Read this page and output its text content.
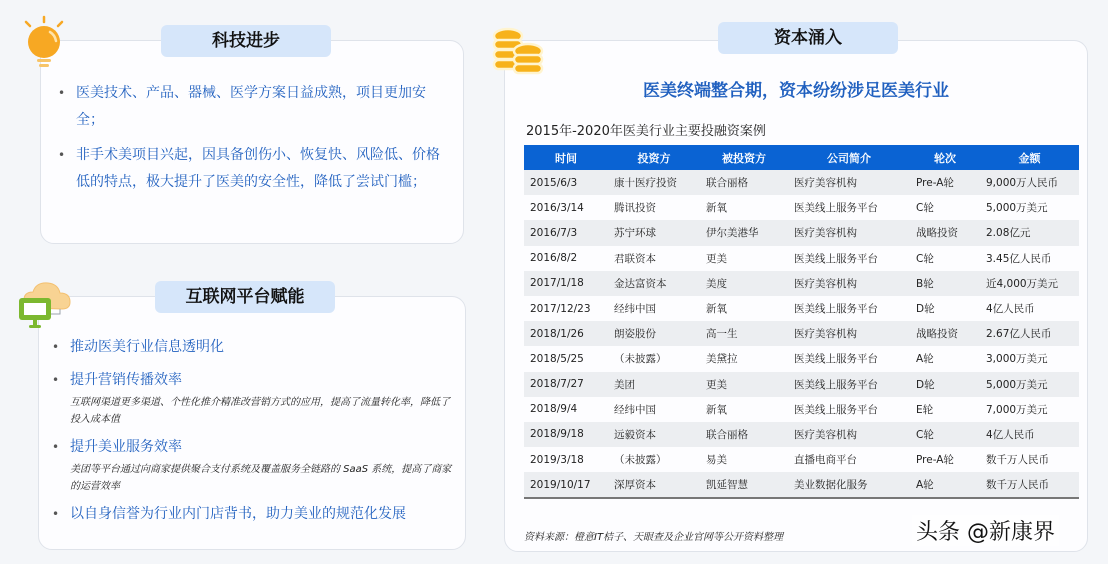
科技进步
• 医美技术、产品、器械、医学方案日益成熟，项目更加安全；
• 非手术美项目兴起，因具备创伤小、恢复快、风险低、价格低的特点，极大提升了医美的安全性，降低了尝试门槛；
互联网平台赋能
• 推动医美行业信息透明化
• 提升营销传播效率
互联网渠道更多渠道、个性化推介精准改营销方式的应用，提高了流量转化率，降低了投入成本值
• 提升美业服务效率
美团等平台通过向商家提供聚合支付系统及覆盖服务全链路的 SaaS 系统，提高了商家的运营效率
• 以自身信誉为行业内门店背书，助力美业的规范化发展
资本涌入
医美终端整合期，资本纷纷涉足医美行业
2015年-2020年医美行业主要投融资案例
时间	投资方	被投资方	公司简介	轮次	金额
2015/6/3	康十医疗投资	联合丽格	医疗美容机构	Pre-A轮	9,000万人民币
2016/3/14	腾讯投资	新氧	医美线上服务平台	C轮	5,000万美元
2016/7/3	苏宁环球	伊尔美港华	医疗美容机构	战略投资	2.08亿元
2016/8/2	君联资本	更美	医美线上服务平台	C轮	3.45亿人民币
2017/1/18	金达富资本	美度	医疗美容机构	B轮	近4,000万美元
2017/12/23	经纬中国	新氧	医美线上服务平台	D轮	4亿人民币
2018/1/26	朗姿股份	高一生	医疗美容机构	战略投资	2.67亿人民币
2018/5/25	（未披露）	美黛拉	医美线上服务平台	A轮	3,000万美元
2018/7/27	美团	更美	医美线上服务平台	D轮	5,000万美元
2018/9/4	经纬中国	新氧	医美线上服务平台	E轮	7,000万美元
2018/9/18	远毅资本	联合丽格	医疗美容机构	C轮	4亿人民币
2019/3/18	（未披露）	易美	直播电商平台	Pre-A轮	数千万人民币
2019/10/17	深厚资本	凯延智慧	美业数据化服务	A轮	数千万人民币
资料来源：橙意IT桔子、天眼查及企业官网等公开资料整理	头条 @新康界
